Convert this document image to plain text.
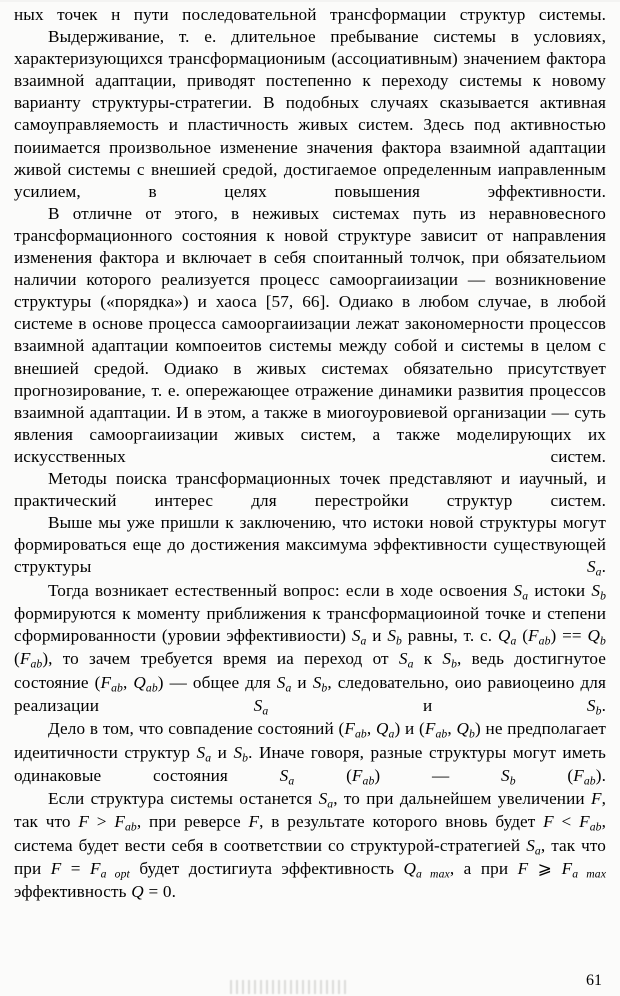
ных точек н пути последовательной трансформации структур системы.

Выдерживание, т. е. длительное пребывание системы в условиях, характеризующихся трансформациониым (ассоциативным) значением фактора взаимной адаптации, приводят постепенно к переходу системы к новому варианту структуры-стратегии. В подобных случаях сказывается активная самоуправляемость и пластичность живых систем. Здесь под активностью поиимается произвольное изменение значения фактора взаимной адаптации живой системы с внешией средой, достигаемое определенным иаправленным усилием, в целях повышения эффективности.

В отличне от этого, в неживых системах путь из неравновесного трансформационного состояния к новой структуре зависит от направления изменения фактора и включает в себя споитанный толчок, при обязательиом наличии которого реализуется процесс самооргаиизации — возникновение структуры («порядка») и хаоса [57, 66]. Одиако в любом случае, в любой системе в основе процесса самооргаиизации лежат закономерности процессов взаимной адаптации компоеитов системы между собой и системы в целом с внешией средой. Одиако в живых системах обязательно присутствует прогнозирование, т. е. опережающее отражение динамики развития процессов взаимной адаптации. И в этом, а также в миогоуровиевой организации — суть явления самооргаиизации живых систем, а также моделирующих их искусственных систем.

Методы поиска трансформационных точек представляют и иаучный, и практический интерес для перестройки структур систем.

Выше мы уже пришли к заключению, что истоки новой структуры могут формироваться еще до достижения максимума эффективности существующей структуры $S_a$.

Тогда возникает естественный вопрос: если в ходе освоения $S_a$ истоки $S_b$ формируются к моменту приближения к трансформациоиной точке и степени сформированности (уровии эффективиости) $S_a$ и $S_b$ равны, т. с. $Q_a$ $(F_{ab}) == Q_b$ $(F_{ab})$, то зачем требуется время иа переход от $S_a$ к $S_b$, ведь достигнутое состояние ($F_{ab}$, $Q_{ab}$) — общее для $S_a$ и $S_b$, следовательно, оио равиоцеино для реализации $S_a$ и $S_b$.

Дело в том, что совпадение состояний ($F_{ab}$, $Q_a$) и ($F_{ab}$, $Q_b$) не предполагает идеитичности структур $S_a$ и $S_b$. Иначе говоря, разные структуры могут иметь одинаковые состояния $S_a$ $(F_{ab})$ — $S_b$ $(F_{ab})$.

Если структура системы останется $S_a$, то при дальнейшем увеличении F, так что $F > F_{ab}$, при реверсе F, в результате которого вновь будет $F < F_{ab}$, система будет вести себя в соответствии со структурой-стратегией $S_a$, так что при $F = F_{a opt}$ будет достигиута эффективность $Q_{a max}$, а при F ⩾ $F_{a max}$ эффективность Q = 0.

61
